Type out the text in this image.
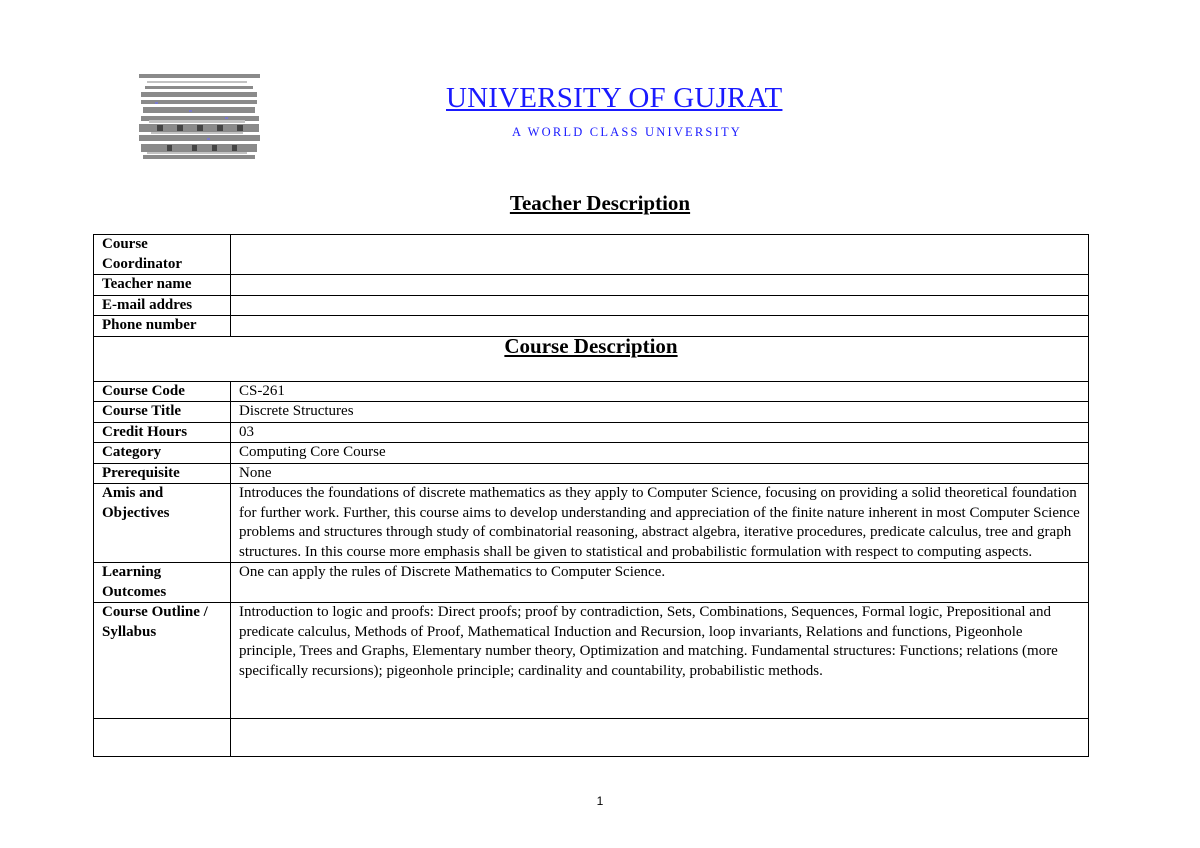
UNIVERSITY OF GUJRAT
A WORLD CLASS UNIVERSITY
Teacher Description
Course Coordinator	
Teacher name	
E-mail addres	
Phone number	
Course Description	
Course Code	CS-261
Course Title	Discrete Structures
Credit Hours	03
Category	Computing Core Course
Prerequisite	None
Amis and Objectives	Introduces the foundations of discrete mathematics as they apply to Computer Science, focusing on providing a solid theoretical foundation for further work. Further, this course aims to develop understanding and appreciation of the finite nature inherent in most Computer Science problems and structures through study of combinatorial reasoning, abstract algebra, iterative procedures, predicate calculus, tree and graph structures. In this course more emphasis shall be given to statistical and probabilistic formulation with respect to computing aspects.
Learning Outcomes	One can apply the rules of Discrete Mathematics to Computer Science.
Course Outline / Syllabus	Introduction to logic and proofs: Direct proofs; proof by contradiction, Sets, Combinations, Sequences, Formal logic, Prepositional and predicate calculus, Methods of Proof, Mathematical Induction and Recursion, loop invariants, Relations and functions, Pigeonhole principle, Trees and Graphs, Elementary number theory, Optimization and matching. Fundamental structures: Functions; relations (more specifically recursions); pigeonhole principle; cardinality and countability, probabilistic methods.

1
